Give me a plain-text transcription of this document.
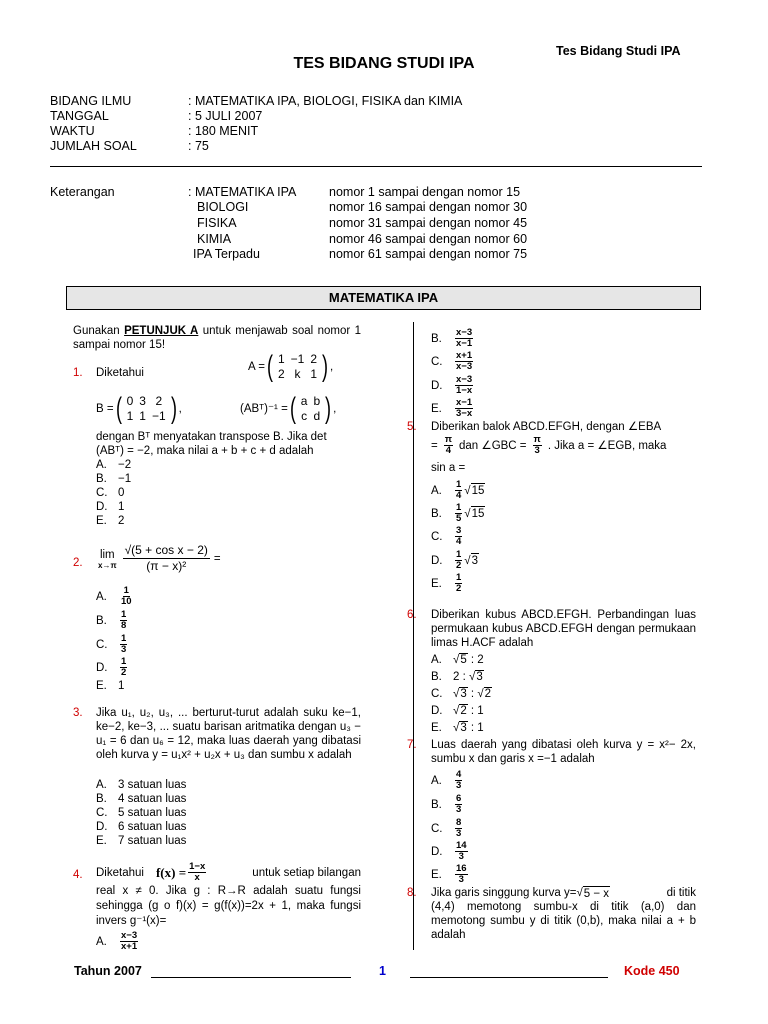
Tes Bidang Studi IPA
TES BIDANG STUDI IPA
BIDANG ILMU	: MATEMATIKA IPA, BIOLOGI, FISIKA dan KIMIA
TANGGAL	: 5 JULI 2007
WAKTU	: 180 MENIT
JUMLAH SOAL	: 75
Keterangan	: MATEMATIKA IPA	nomor 1 sampai dengan nomor 15
BIOLOGI	nomor 16 sampai dengan nomor 30
FISIKA	nomor 31 sampai dengan nomor 45
KIMIA	nomor 46 sampai dengan nomor 60
IPA Terpadu	nomor 61 sampai dengan nomor 75
MATEMATIKA IPA
Gunakan PETUNJUK A untuk menjawab soal nomor 1 sampai nomor 15!
1. Diketahui	A = ( 1	−1	2
2	k	1 ) ,
B = ( 0	3	2
1	1	−1 ) ,	(ABᵀ)⁻¹ = ( a	b
c	d ) ,
dengan Bᵀ menyatakan transpose B. Jika det
(ABᵀ) = −2, maka nilai a + b + c + d adalah
A. −2
B. −1
C. 0
D. 1
E. 2
2.
lim
$x\to\pi \frac{\text{√(5 + cos x − 2)}}{\text{(π − x)²}}$ =
A. $\frac{1}{10}$
B. $\frac{1}{8}$
C. $\frac{1}{3}$
D. $\frac{1}{2}$
E. 1
3. Jika u₁, u₂, u₃, ... berturut-turut adalah suku ke−1, ke−2, ke−3, ... suatu barisan aritmatika dengan u₃ − u₁ = 6 dan u₆ = 12, maka luas daerah yang dibatasi oleh kurva y = u₁x² + u₂x + u₃ dan sumbu x adalah
A. 3 satuan luas
B. 4 satuan luas
C. 5 satuan luas
D. 6 satuan luas
E. 7 satuan luas
4. Diketahui $f(x) = \frac{1-x}{x}$	untuk setiap bilangan
real x ≠ 0. Jika g : R→R adalah suatu fungsi sehingga (g o f)(x) = g(f(x))=2x + 1, maka fungsi invers g⁻¹(x)=
A. $\frac{x-3}{x+1}$
B. $\frac{x-3}{x-1}$
C. $\frac{x+1}{x-3}$
D. $\frac{x-3}{1-x}$
E. $\frac{x-1}{3-x}$
5. Diberikan balok ABCD.EFGH, dengan ∠EBA
= $\frac{\pi}{4}$ dan ∠GBC = $\frac{\pi}{3}$ . Jika a = ∠EGB, maka
sin a =
A.	$\frac{1}{4}$ √ 15
B.	$\frac{1}{5}$ √ 15
C.	$\frac{3}{4}$
D.	$\frac{1}{2}$ √ 3
E.	$\frac{1}{2}$
6. Diberikan kubus ABCD.EFGH. Perbandingan luas permukaan kubus ABCD.EFGH dengan permukaan limas H.ACF adalah
A. √5 : 2
B. 2 : √3
C. √3 : √2
D. √2 : 1
E. √3 : 1
7. Luas daerah yang dibatasi oleh kurva y = x²− 2x, sumbu x dan garis x =−1 adalah
A. $\frac{4}{3}$
B. $\frac{6}{3}$
C. $\frac{8}{3}$
D. $\frac{14}{3}$
E. $\frac{16}{3}$
8. Jika garis singgung kurva y= √ 5 − x	di titik
(4,4) memotong sumbu-x di titik (a,0) dan memotong sumbu y di titik (0,b), maka nilai a + b adalah
Tahun 2007	1	Kode 450
